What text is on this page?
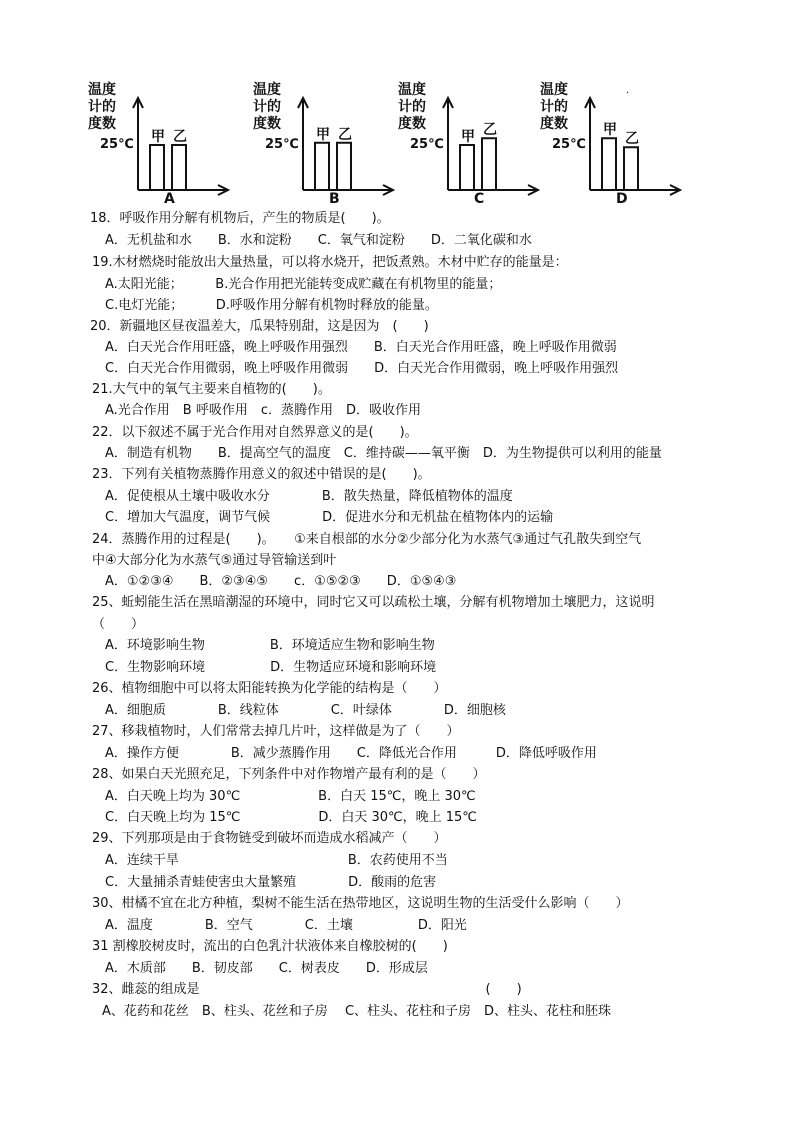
温度
计的
度数
25℃ 甲 乙
A
温度
计的
度数
25℃
甲 乙
B
温度
计的
度数
25℃ 甲 乙
C
温度
计的
度数
25℃
甲
乙
D
·
18．呼吸作用分解有机物后，产生的物质是(　　)。
　A．无机盐和水　　B．水和淀粉　　C．氧气和淀粉　　D．二氧化碳和水
19.木材燃烧时能放出大量热量，可以将水烧开，把饭煮熟。木材中贮存的能量是：
　A.太阳光能；　　　B.光合作用把光能转变成贮藏在有机物里的能量；
　C.电灯光能；　　　D.呼吸作用分解有机物时释放的能量。
20．新疆地区昼夜温差大，瓜果特别甜，这是因为　(　　)
　A．白天光合作用旺盛，晚上呼吸作用强烈　　B．白天光合作用旺盛，晚上呼吸作用微弱
　C．白天光合作用微弱，晚上呼吸作用微弱　　D．白天光合作用微弱，晚上呼吸作用强烈
21.大气中的氧气主要来自植物的(　　)。
　A.光合作用　B 呼吸作用　c．蒸腾作用　D．吸收作用
22．以下叙述不属于光合作用对自然界意义的是(　　)。
　A．制造有机物　　B．提高空气的温度　C．维持碳——氧平衡　D．为生物提供可以利用的能量
23．下列有关植物蒸腾作用意义的叙述中错误的是(　　)。
　A．促使根从土壤中吸收水分　　　　B．散失热量，降低植物体的温度
　C．增加大气温度，调节气候　　　　D．促进水分和无机盐在植物体内的运输
24．蒸腾作用的过程是(　　)。　　①来自根部的水分②少部分化为水蒸气③通过气孔散失到空气
中④大部分化为水蒸气⑤通过导管输送到叶
　A．①②③④　　B．②③④⑤　　c．①⑤②③　　D．①⑤④③
25、蚯蚓能生活在黑暗潮湿的环境中，同时它又可以疏松土壤，分解有机物增加土壤肥力，这说明
（　　）
　A．环境影响生物　　　　　B．环境适应生物和影响生物
　C．生物影响环境　　　　　D．生物适应环境和影响环境
26、植物细胞中可以将太阳能转换为化学能的结构是（　　）
　A．细胞质　　　　B．线粒体　　　　C．叶绿体　　　　D．细胞核
27、移栽植物时，人们常常去掉几片叶，这样做是为了（　　）
　A．操作方便　　　　B．减少蒸腾作用　　C．降低光合作用　　　D．降低呼吸作用
28、如果白天光照充足，下列条件中对作物增产最有利的是（　　）
　A．白天晚上均为 30℃　　　　　　B．白天 15℃，晚上 30℃
　C．白天晚上均为 15℃　　　　　　D．白天 30℃，晚上 15℃
29、下列那项是由于食物链受到破坏而造成水稻减产（　　）
　A．连续干旱　　　　　　　　　　　　　B．农药使用不当
　C．大量捕杀青蛙使害虫大量繁殖　　　　D．酸雨的危害
30、柑橘不宜在北方种植，梨树不能生活在热带地区，这说明生物的生活受什么影响（　　）
　A．温度　　　　B．空气　　　　C．土壤　　　　　D．阳光
31 割橡胶树皮时，流出的白色乳汁状液体来自橡胶树的(　　)
　A．木质部　　B．韧皮部　　C．树表皮　　D．形成层
32、雌蕊的组成是　　　　　　　　　　　　　　　　　　　　　　(　　)
　A、花药和花丝　B、柱头、花丝和子房　 C、柱头、花柱和子房　D、柱头、花柱和胚珠
